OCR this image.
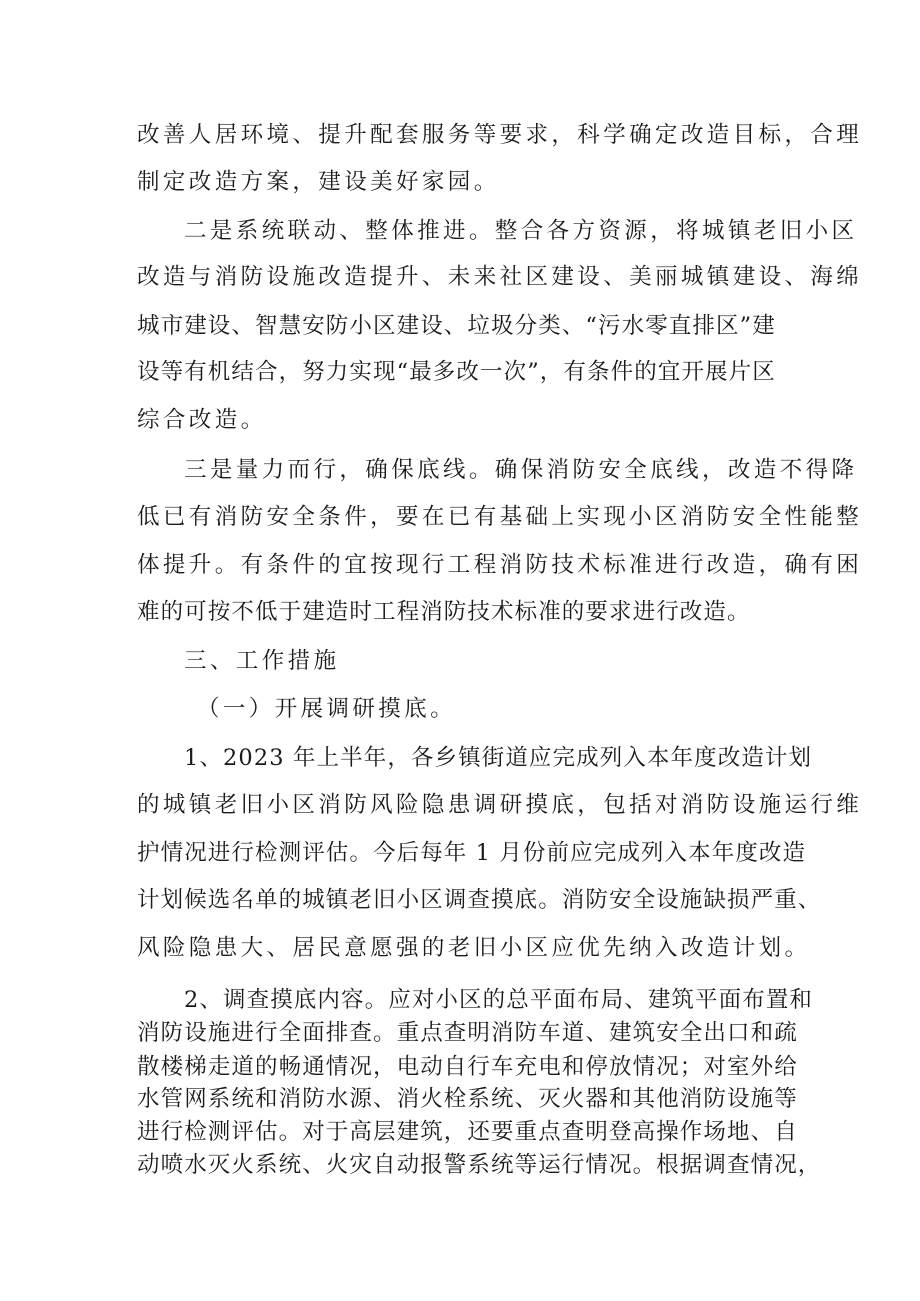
改善人居环境、提升配套服务等要求，科学确定改造目标，合理
制定改造方案，建设美好家园。
二是系统联动、整体推进。整合各方资源，将城镇老旧小区
改造与消防设施改造提升、未来社区建设、美丽城镇建设、海绵
城市建设、智慧安防小区建设、垃圾分类、“污水零直排区”建
设等有机结合，努力实现“最多改一次”，有条件的宜开展片区
综合改造。
三是量力而行，确保底线。确保消防安全底线，改造不得降
低已有消防安全条件，要在已有基础上实现小区消防安全性能整
体提升。有条件的宜按现行工程消防技术标准进行改造，确有困
难的可按不低于建造时工程消防技术标准的要求进行改造。
三、工作措施
（一）开展调研摸底。
1、2023 年上半年，各乡镇街道应完成列入本年度改造计划
的城镇老旧小区消防风险隐患调研摸底，包括对消防设施运行维
护情况进行检测评估。今后每年 1 月份前应完成列入本年度改造
计划候选名单的城镇老旧小区调查摸底。消防安全设施缺损严重、
风险隐患大、居民意愿强的老旧小区应优先纳入改造计划。
2、调查摸底内容。应对小区的总平面布局、建筑平面布置和
消防设施进行全面排查。重点查明消防车道、建筑安全出口和疏
散楼梯走道的畅通情况，电动自行车充电和停放情况；对室外给
水管网系统和消防水源、消火栓系统、灭火器和其他消防设施等
进行检测评估。对于高层建筑，还要重点查明登高操作场地、自
动喷水灭火系统、火灾自动报警系统等运行情况。根据调查情况，
